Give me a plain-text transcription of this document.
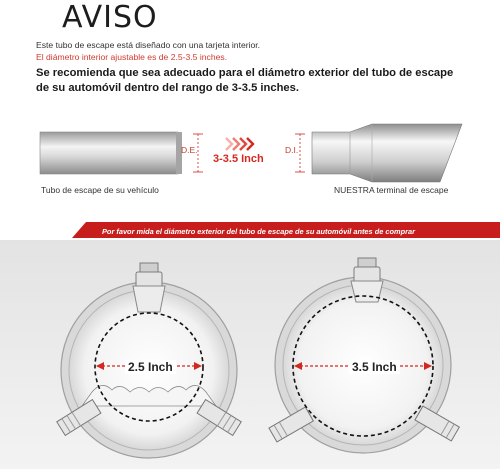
AVISO
Este tubo de escape está diseñado con una tarjeta interior.
El diámetro interior ajustable es de 2.5-3.5 inches.
Se recomienda que sea adecuado para el diámetro exterior del tubo de escape
de su automóvil dentro del rango de 3-3.5 inches.
D.E.	D.I.
3-3.5 Inch
Tubo de escape de su vehículo	NUESTRA terminal de escape
Por favor mida el diámetro exterior del tubo de escape de su automóvil antes de comprar
2.5 Inch	3.5 Inch
